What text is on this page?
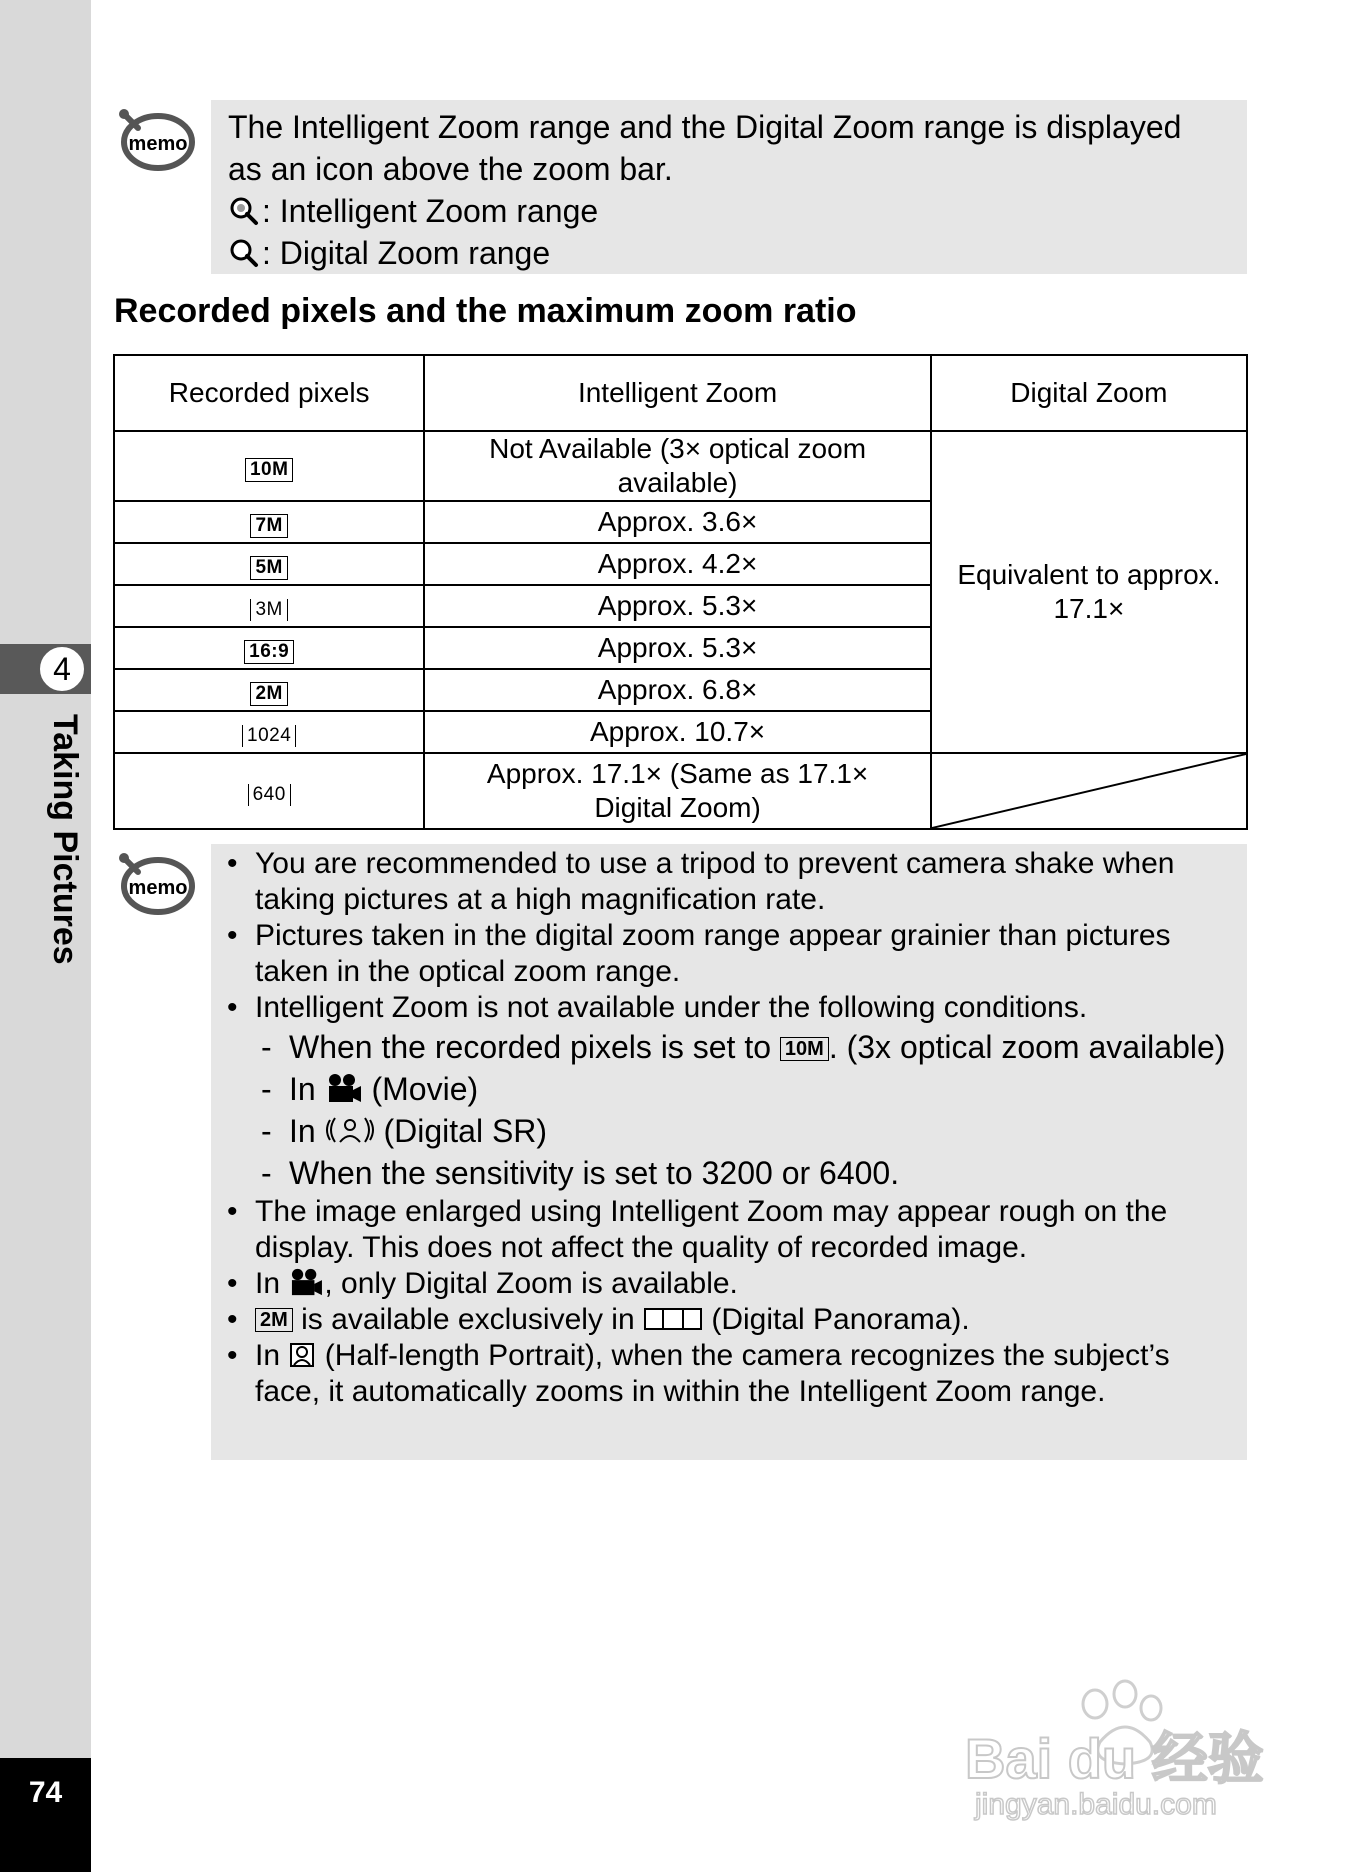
4
Taking Pictures
74
memo The Intelligent Zoom range and the Digital Zoom range is displayed
as an icon above the zoom bar.
: Intelligent Zoom range
: Digital Zoom range
Recorded pixels and the maximum zoom ratio
Recorded pixels	Intelligent Zoom	Digital Zoom
10M	Not Available (3× optical zoom available)	Equivalent to approx. 17.1×

7M	Approx. 3.6×	
5M	Approx. 4.2×	
3M	Approx. 5.3×	
16:9	Approx. 5.3×	
2M	Approx. 6.8×	
1024	Approx. 10.7×	
640	Approx. 17.1× (Same as 17.1× Digital Zoom)

memo
• You are recommended to use a tripod to prevent camera shake when taking pictures at a high magnification rate.
• Pictures taken in the digital zoom range appear grainier than pictures taken in the optical zoom range.
• Intelligent Zoom is not available under the following conditions.
- When the recorded pixels is set to 10M . (3x optical zoom available)
- In (Movie)
- In (Digital SR)
- When the sensitivity is set to 3200 or 6400.
• The image enlarged using Intelligent Zoom may appear rough on the display. This does not affect the quality of recorded image.
• In , only Digital Zoom is available.
• 2M is available exclusively in	(Digital Panorama).
• In (Half-length Portrait), when the camera recognizes the subject’s face, it automatically zooms in within the Intelligent Zoom range.
Bai du 经验
jingyan.baidu.com
